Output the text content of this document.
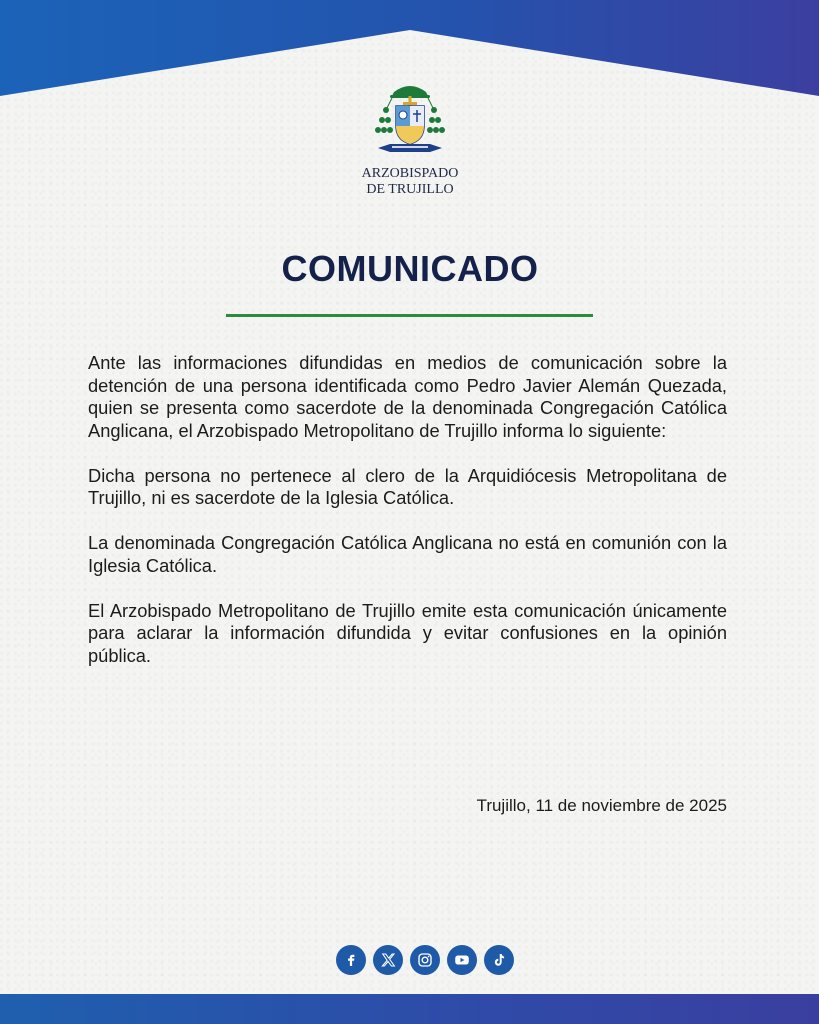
ARZOBISPADO
DE TRUJILLO
COMUNICADO

Ante las informaciones difundidas en medios de comunicación sobre la detención de una persona identificada como Pedro Javier Alemán Quezada, quien se presenta como sacerdote de la denominada Congregación Católica Anglicana, el Arzobispado Metropolitano de Trujillo informa lo siguiente:

Dicha persona no pertenece al clero de la Arquidiócesis Metropolitana de Trujillo, ni es sacerdote de la Iglesia Católica.

La denominada Congregación Católica Anglicana no está en comunión con la Iglesia Católica.

El Arzobispado Metropolitano de Trujillo emite esta comunicación únicamente para aclarar la información difundida y evitar confusiones en la opinión pública.

Trujillo, 11 de noviembre de 2025
